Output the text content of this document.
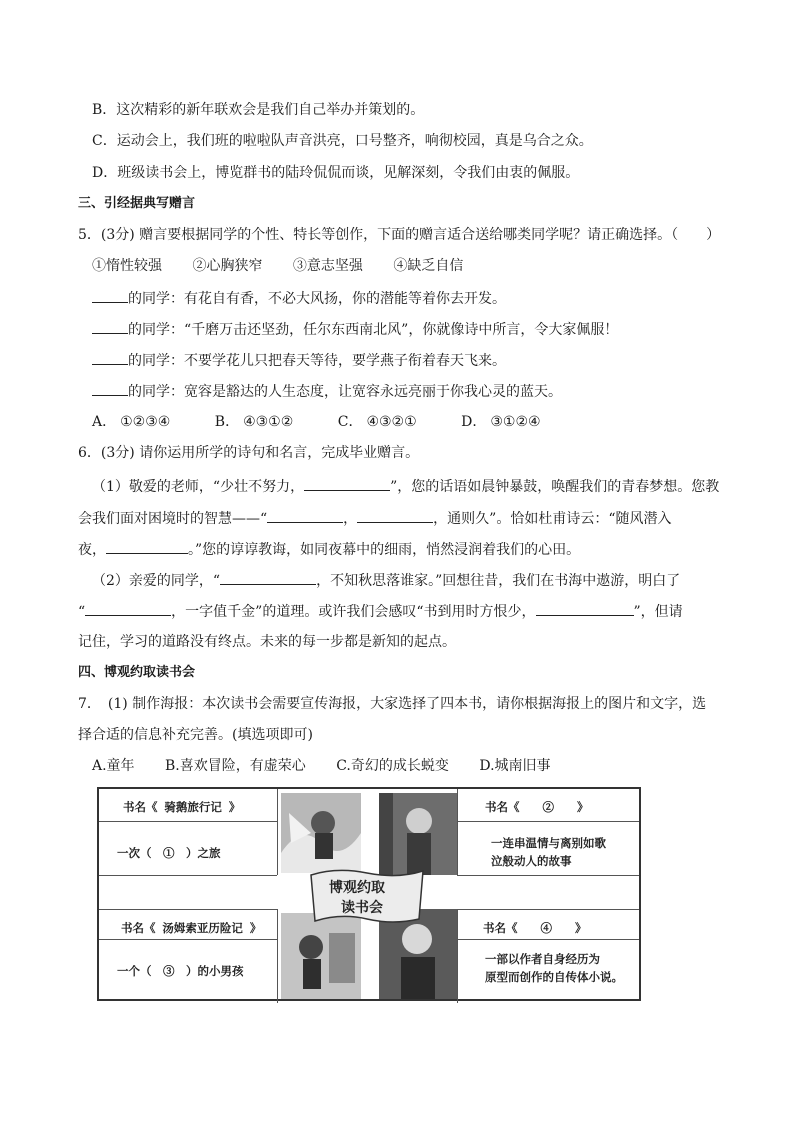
B．这次精彩的新年联欢会是我们自己举办并策划的。
C．运动会上，我们班的啦啦队声音洪亮，口号整齐，响彻校园，真是乌合之众。
D．班级读书会上，博览群书的陆玲侃侃而谈，见解深刻，令我们由衷的佩服。
三、引经据典写赠言
5．(3分) 赠言要根据同学的个性、特长等创作，下面的赠言适合送给哪类同学呢？请正确选择。（　　）
①惰性较强 ②心胸狭窄 ③意志坚强 ④缺乏自信
的同学：有花自有香，不必大风扬，你的潜能等着你去开发。
的同学：“千磨万击还坚劲，任尔东西南北风”，你就像诗中所言，令大家佩服！
的同学：不要学花儿只把春天等待，要学燕子衔着春天飞来。
的同学：宽容是豁达的人生态度，让宽容永远亮丽于你我心灵的蓝天。
A． ①②③④	B． ④③①②	C． ④③②①	D． ③①②④
6．(3分) 请你运用所学的诗句和名言，完成毕业赠言。
（1）敬爱的老师，“少壮不努力，	”，您的话语如晨钟暴鼓，唤醒我们的青春梦想。您教
会我们面对困境时的智慧——“	，	，通则久”。恰如杜甫诗云：“随风潜入
夜，	。”您的谆谆教诲，如同夜幕中的细雨，悄然浸润着我们的心田。
（2）亲爱的同学，“	，不知秋思落谁家。”回想往昔，我们在书海中遨游，明白了
“	，一字值千金”的道理。或许我们会感叹“书到用时方恨少，	”，但请
记住，学习的道路没有终点。未来的每一步都是新知的起点。
四、博观约取读书会
7．　(1) 制作海报：本次读书会需要宣传海报，大家选择了四本书，请你根据海报上的图片和文字，选
择合适的信息补充完善。(填选项即可)
A.童年 B.喜欢冒险，有虚荣心 C.奇幻的成长蜕变 D.城南旧事
书名《 骑鹅旅行记 》
一次（　①　）之旅
书名《　　②　　》
一连串温情与离别如歌
泣般动人的故事
书名《 汤姆索亚历险记 》
一个（　③　）的小男孩
书名《　　④　　》
一部以作者自身经历为
原型而创作的自传体小说。
博观约取
读书会
